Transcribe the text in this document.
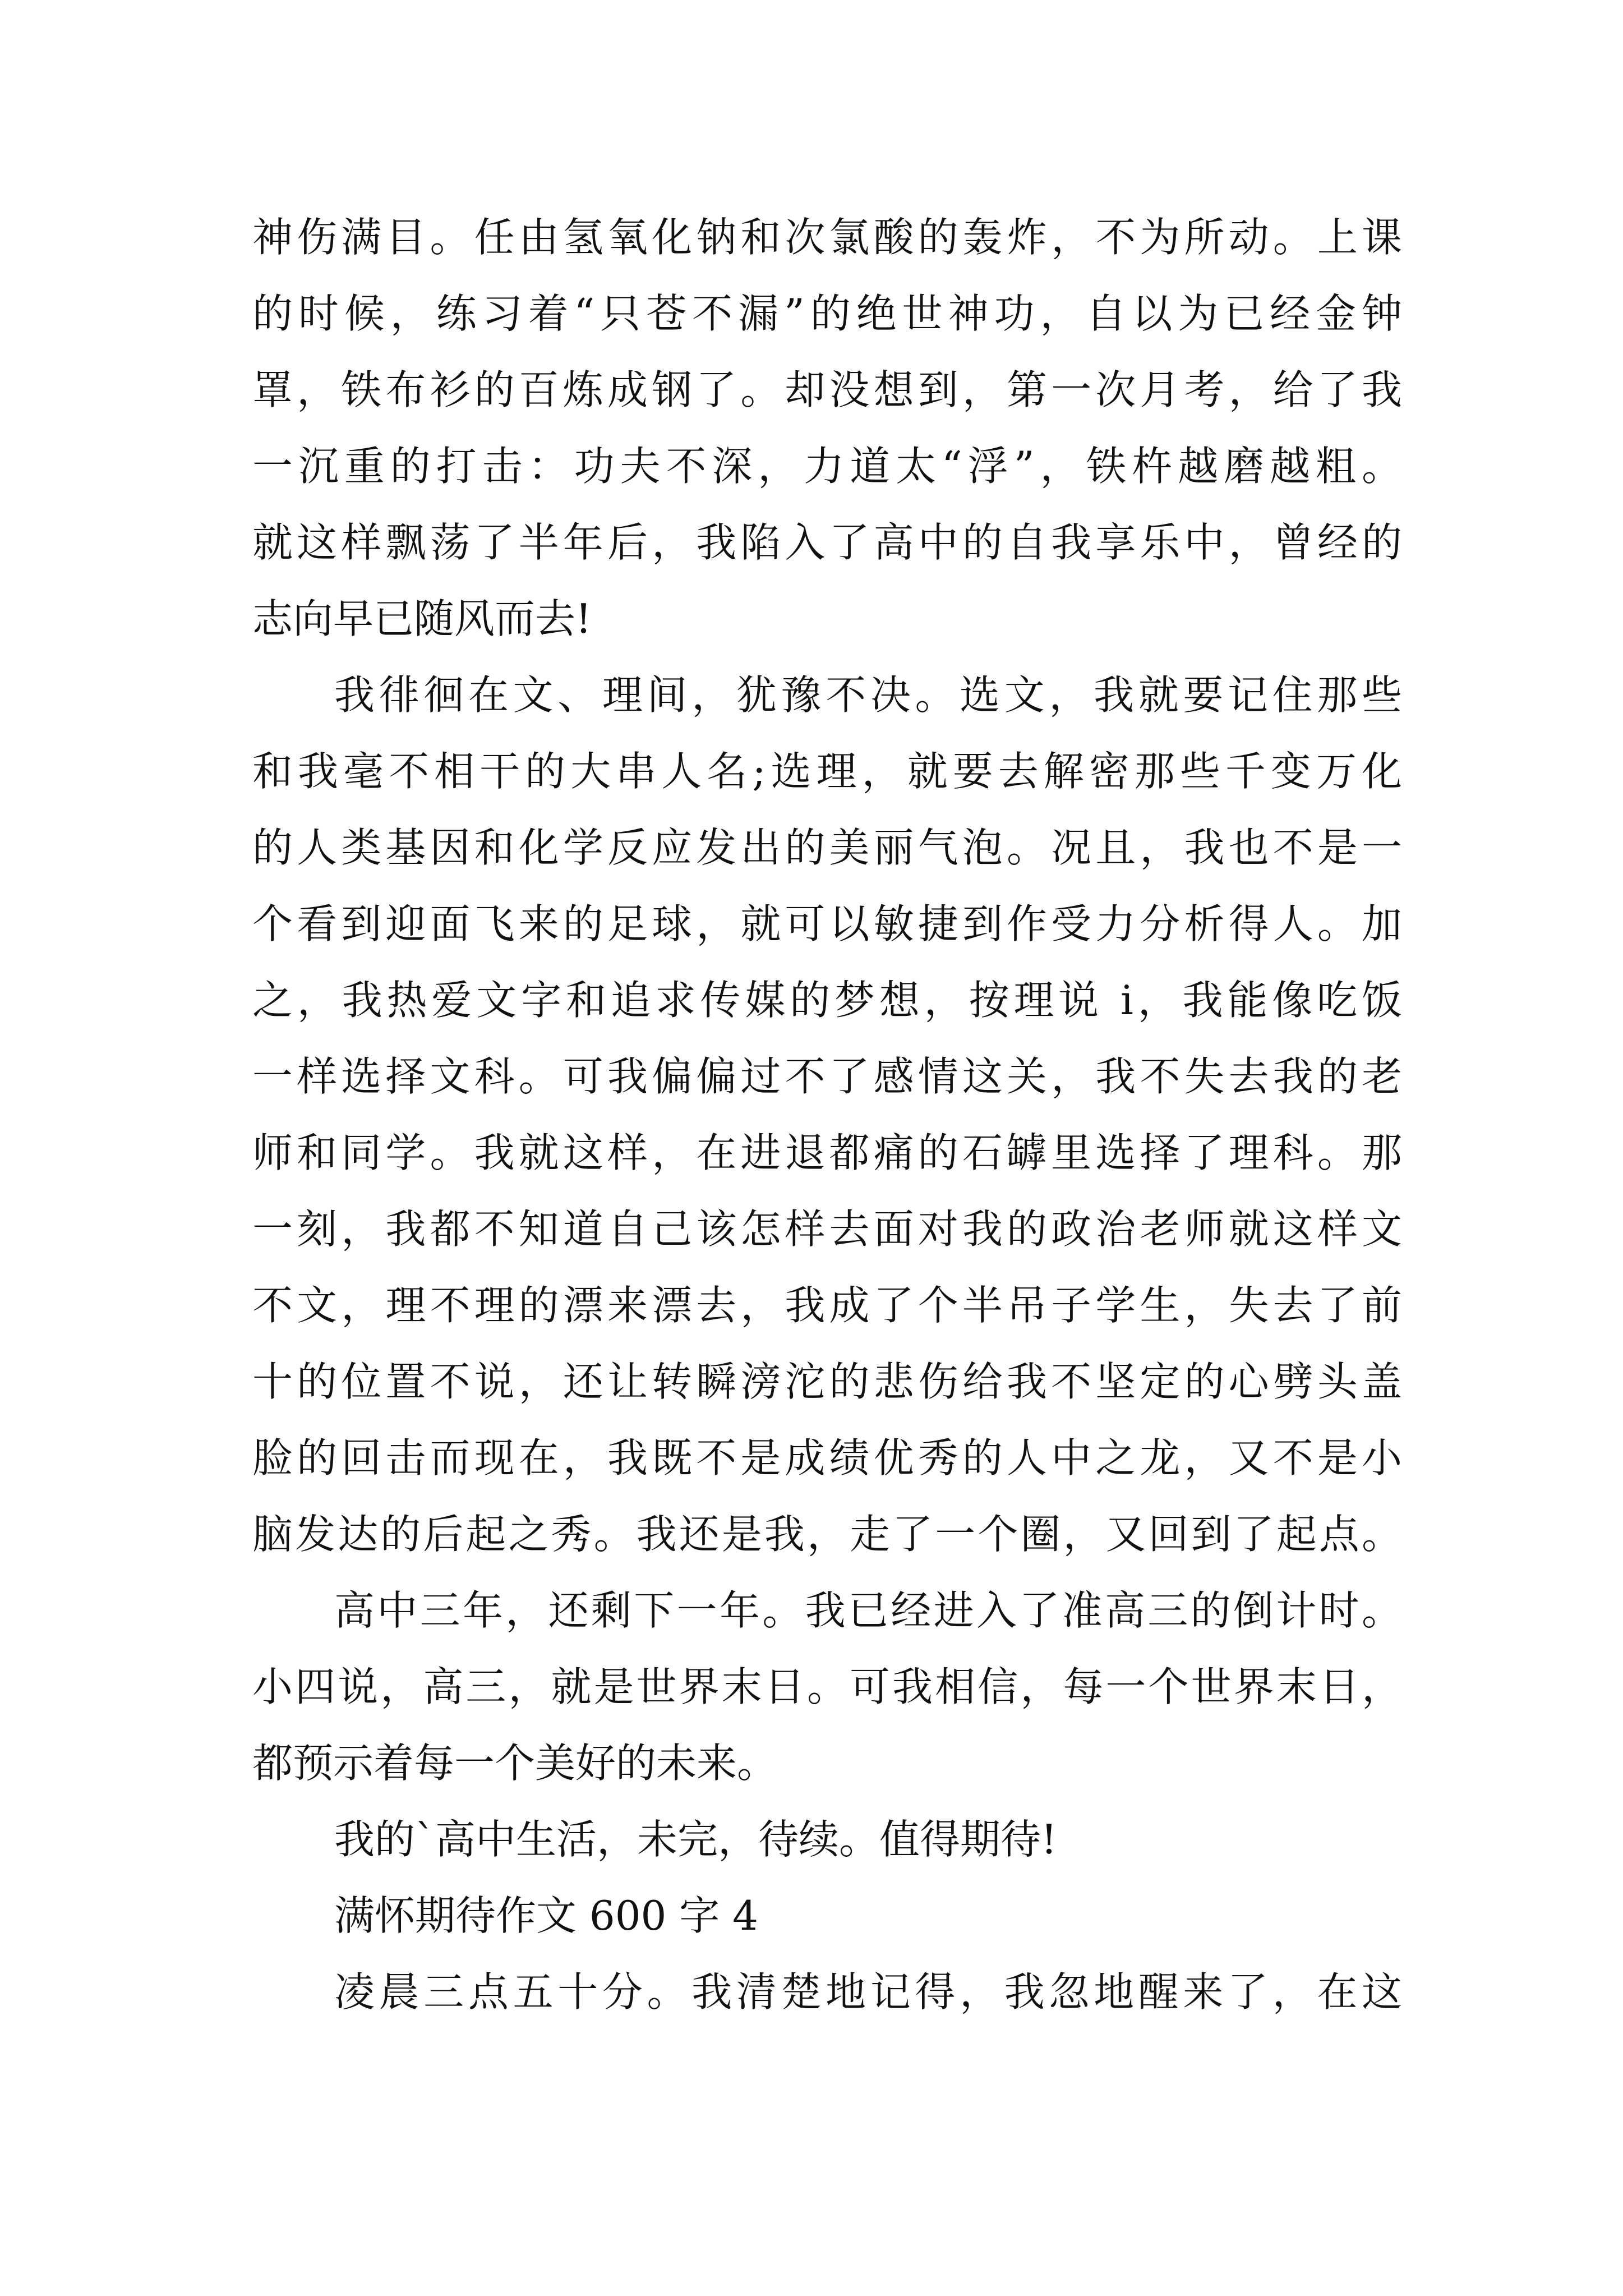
神伤满目。任由氢氧化钠和次氯酸的轰炸，不为所动。上课
的时候，练习着“只苍不漏”的绝世神功，自以为已经金钟
罩，铁布衫的百炼成钢了。却没想到，第一次月考，给了我
一沉重的打击：功夫不深，力道太“浮”，铁杵越磨越粗。
就这样飘荡了半年后，我陷入了高中的自我享乐中，曾经的
志向早已随风而去!
我徘徊在文、理间，犹豫不决。选文，我就要记住那些
和我毫不相干的大串人名;选理，就要去解密那些千变万化
的人类基因和化学反应发出的美丽气泡。况且，我也不是一
个看到迎面飞来的足球，就可以敏捷到作受力分析得人。加
之，我热爱文字和追求传媒的梦想，按理说 i，我能像吃饭
一样选择文科。可我偏偏过不了感情这关，我不失去我的老
师和同学。我就这样，在进退都痛的石罅里选择了理科。那
一刻，我都不知道自己该怎样去面对我的政治老师就这样文
不文，理不理的漂来漂去，我成了个半吊子学生，失去了前
十的位置不说，还让转瞬滂沱的悲伤给我不坚定的心劈头盖
脸的回击而现在，我既不是成绩优秀的人中之龙，又不是小
脑发达的后起之秀。我还是我，走了一个圈，又回到了起点。
高中三年，还剩下一年。我已经进入了准高三的倒计时。
小四说，高三，就是世界末日。可我相信，每一个世界末日，
都预示着每一个美好的未来。
我的`高中生活，未完，待续。值得期待!
满怀期待作文 600 字 4
凌晨三点五十分。我清楚地记得，我忽地醒来了，在这
